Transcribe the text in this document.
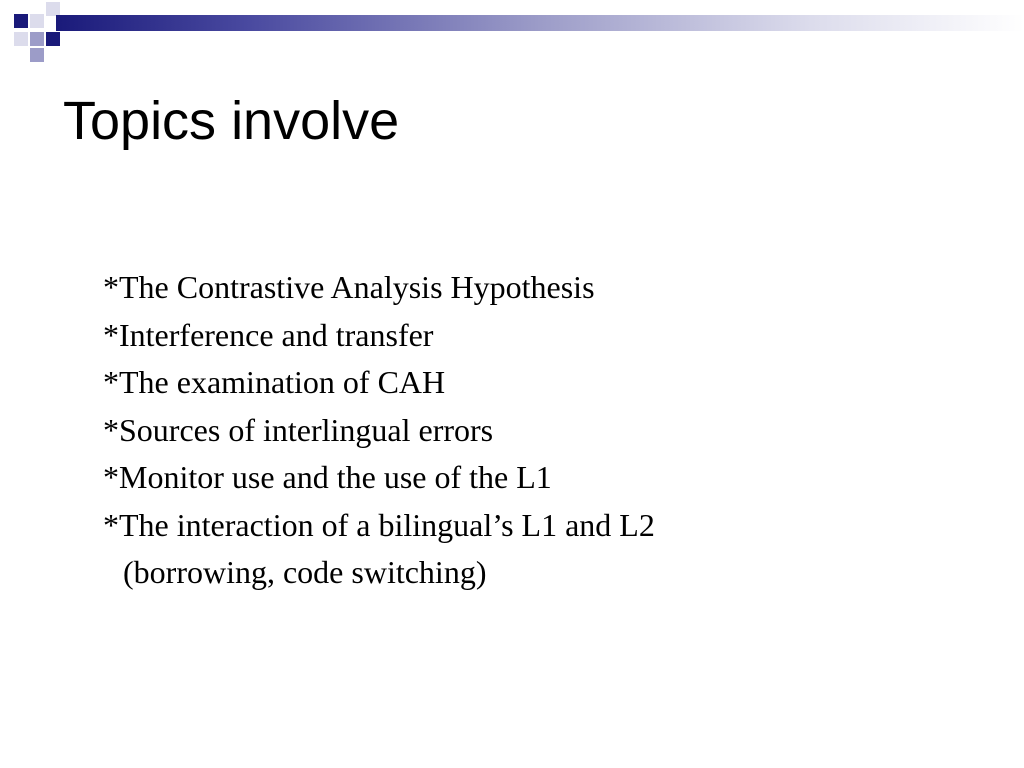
Topics involve
*The Contrastive Analysis Hypothesis
*Interference and transfer
*The examination of CAH
*Sources of interlingual errors
*Monitor use and the use of the L1
*The interaction of a bilingual’s L1 and L2
(borrowing, code switching)
